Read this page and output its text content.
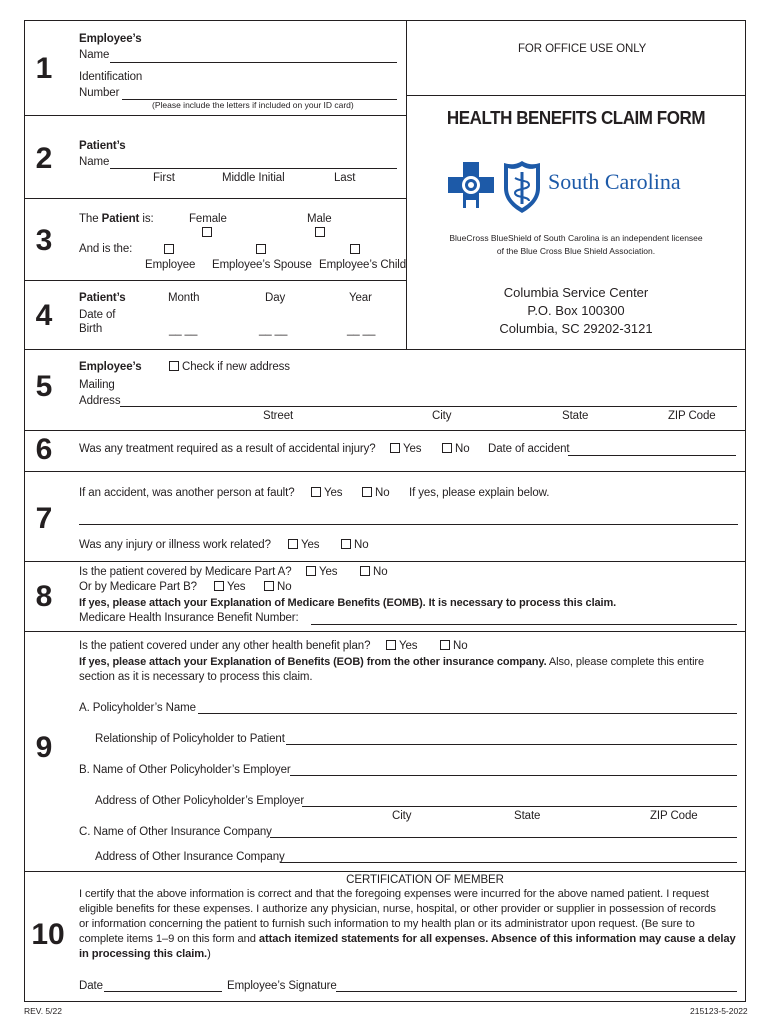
1
Employee’s
Name
Identification
Number
(Please include the letters if included on your ID card)
2	Patient’s
Name
First	Middle Initial	Last
3
The Patient is:	Female	Male
And is the:
Employee Employee’s Spouse Employee’s Child
4
Patient’s
Date of
Birth
Month	Day	Year
__ __	__ __	__ __
FOR OFFICE USE ONLY
HEALTH BENEFITS CLAIM FORM
South Carolina
BlueCross BlueShield of South Carolina is an independent licensee
of the Blue Cross Blue Shield Association.
Columbia Service Center
P.O. Box 100300
Columbia, SC 29202-3121
5
Employee’s	Check if new address
Mailing
Address
Street	City	State	ZIP Code
6	Was any treatment required as a result of accidental injury?	Yes	No Date of accident
7
If an accident, was another person at fault?	Yes	No If yes, please explain below.
Was any injury or illness work related?	Yes	No
8
Is the patient covered by Medicare Part A?	Yes	No
Or by Medicare Part B?	Yes	No
If yes, please attach your Explanation of Medicare Benefits (EOMB). It is necessary to process this claim.
Medicare Health Insurance Benefit Number:
9
Is the patient covered under any other health benefit plan?	Yes	No
If yes, please attach your Explanation of Benefits (EOB) from the other insurance company. Also, please complete this entire
section as it is necessary to process this claim.
A. Policyholder’s Name
Relationship of Policyholder to Patient
B. Name of Other Policyholder’s Employer
Address of Other Policyholder’s Employer
City	State	ZIP Code
C. Name of Other Insurance Company
Address of Other Insurance Company
10
CERTIFICATION OF MEMBER
I certify that the above information is correct and that the foregoing expenses were incurred for the above named patient. I request
eligible benefits for these expenses. I authorize any physician, nurse, hospital, or other provider or supplier in possession of records
or information concerning the patient to furnish such information to my health plan or its administrator upon request. (Be sure to
complete items 1–9 on this form and attach itemized statements for all expenses. Absence of this information may cause a delay
in processing this claim.)
Date	Employee’s Signature
REV. 5/22	215123-5-2022
